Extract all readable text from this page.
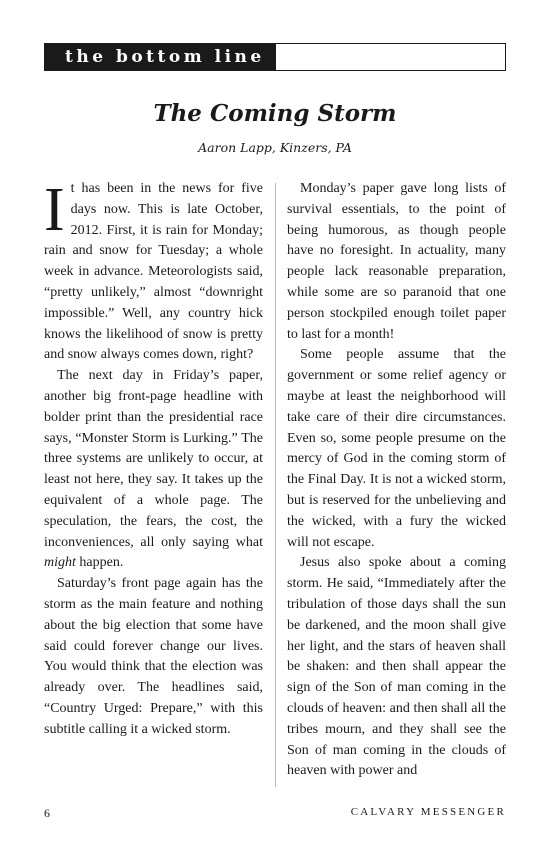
the bottom line
The Coming Storm
Aaron Lapp, Kinzers, PA

It has been in the news for five days now. This is late October, 2012. First, it is rain for Monday; rain and snow for Tuesday; a whole week in advance. Meteorologists said, “pretty unlikely,” almost “downright impossible.” Well, any country hick knows the likelihood of snow is pretty and snow always comes down, right?

The next day in Friday’s paper, another big front-page headline with bolder print than the presidential race says, “Monster Storm is Lurking.” The three systems are unlikely to occur, at least not here, they say. It takes up the equivalent of a whole page. The speculation, the fears, the cost, the inconveniences, all only saying what might happen.

Saturday’s front page again has the storm as the main feature and nothing about the big election that some have said could forever change our lives. You would think that the election was already over. The headlines said, “Country Urged: Prepare,” with this subtitle calling it a wicked storm.

Monday’s paper gave long lists of survival essentials, to the point of being humorous, as though people have no foresight. In actuality, many people lack reasonable preparation, while some are so paranoid that one person stockpiled enough toilet paper to last for a month!

Some people assume that the government or some relief agency or maybe at least the neighborhood will take care of their dire circumstances. Even so, some people presume on the mercy of God in the coming storm of the Final Day. It is not a wicked storm, but is reserved for the unbelieving and the wicked, with a fury the wicked will not escape.

Jesus also spoke about a coming storm. He said, “Immediately after the tribulation of those days shall the sun be darkened, and the moon shall give her light, and the stars of heaven shall be shaken: and then shall appear the sign of the Son of man coming in the clouds of heaven: and then shall all the tribes mourn, and they shall see the Son of man coming in the clouds of heaven with power and

6	CALVARY MESSENGER
